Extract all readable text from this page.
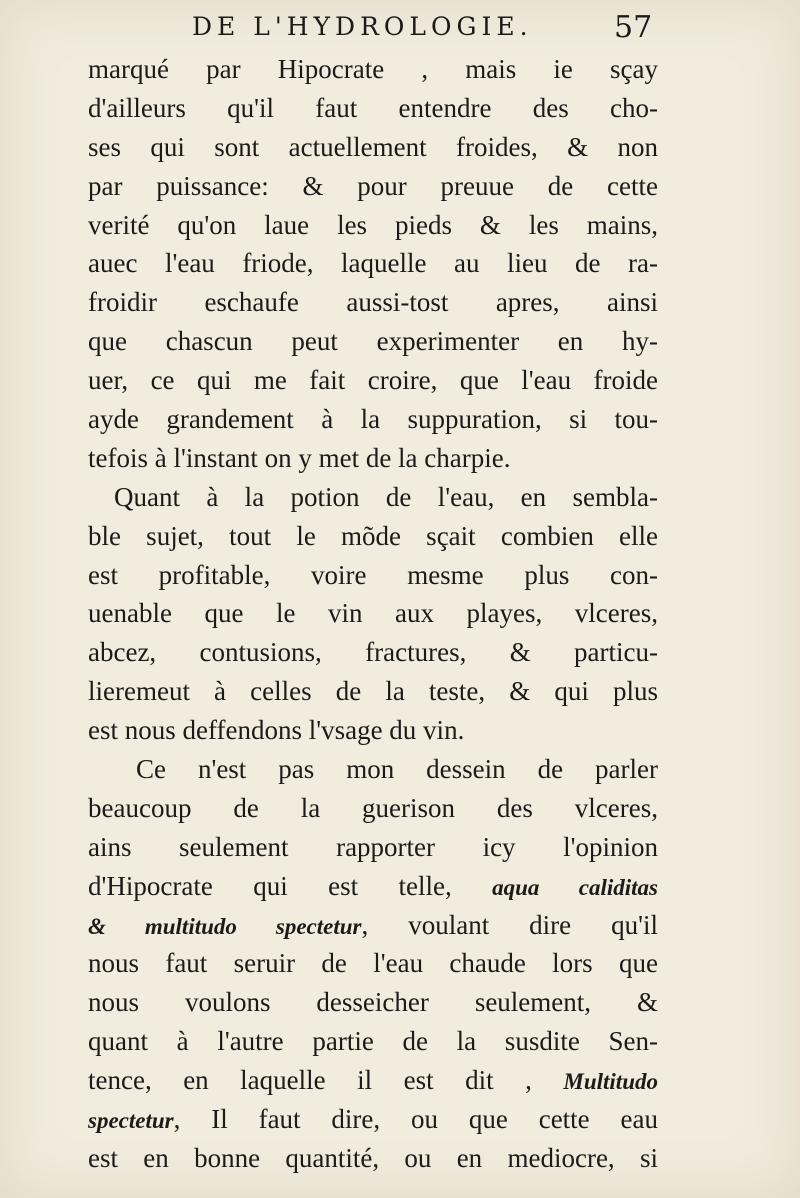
DE L'HYDROLOGIE.	57
marqué par Hipocrate , mais ie sçay
d'ailleurs qu'il faut entendre des cho-
ses qui sont actuellement froides, & non
par puissance: & pour preuue de cette
verité qu'on laue les pieds & les mains,
auec l'eau friode, laquelle au lieu de ra-
froidir eschaufe aussi-tost apres, ainsi
que chascun peut experimenter en hy-
uer, ce qui me fait croire, que l'eau froide
ayde grandement à la suppuration, si tou-
tefois à l'instant on y met de la charpie.
Quant à la potion de l'eau, en sembla-
ble sujet, tout le mõde sçait combien elle
est profitable, voire mesme plus con-
uenable que le vin aux playes, vlceres,
abcez, contusions, fractures, & particu-
lieremeut à celles de la teste, & qui plus
est nous deffendons l'vsage du vin.
Ce n'est pas mon dessein de parler
beaucoup de la guerison des vlceres,
ains seulement rapporter icy l'opinion
d'Hipocrate qui est telle, aqua caliditas
& multitudo spectetur, voulant dire qu'il
nous faut seruir de l'eau chaude lors que
nous voulons desseicher seulement, &
quant à l'autre partie de la susdite Sen-
tence, en laquelle il est dit , Multitudo
spectetur, Il faut dire, ou que cette eau
est en bonne quantité, ou en mediocre, si
